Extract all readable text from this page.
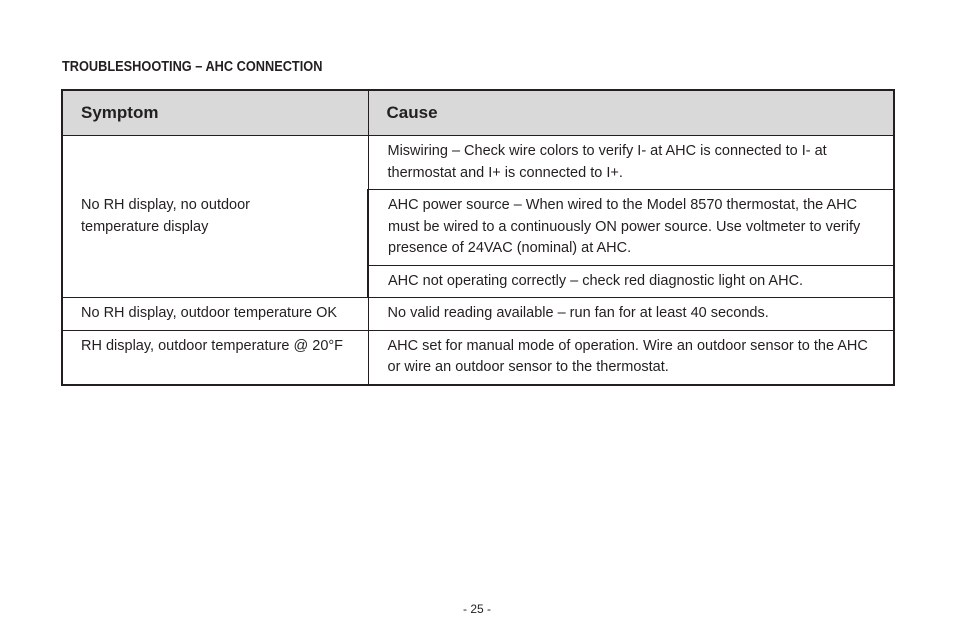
TROUBLESHOOTING – AHC CONNECTION
Symptom	Cause

No RH display, no outdoor
temperature display	Miswiring – Check wire colors to verify I- at AHC is connected to I- at thermostat and I+ is connected to I+.
	AHC power source – When wired to the Model 8570 thermostat, the AHC must be wired to a continuously ON power source. Use voltmeter to verify presence of 24VAC (nominal) at AHC.
	AHC not operating correctly – check red diagnostic light on AHC.
No RH display, outdoor temperature OK	No valid reading available – run fan for at least 40 seconds.
RH display, outdoor temperature @ 20°F	AHC set for manual mode of operation. Wire an outdoor sensor to the AHC or wire an outdoor sensor to the thermostat.
- 25 -
